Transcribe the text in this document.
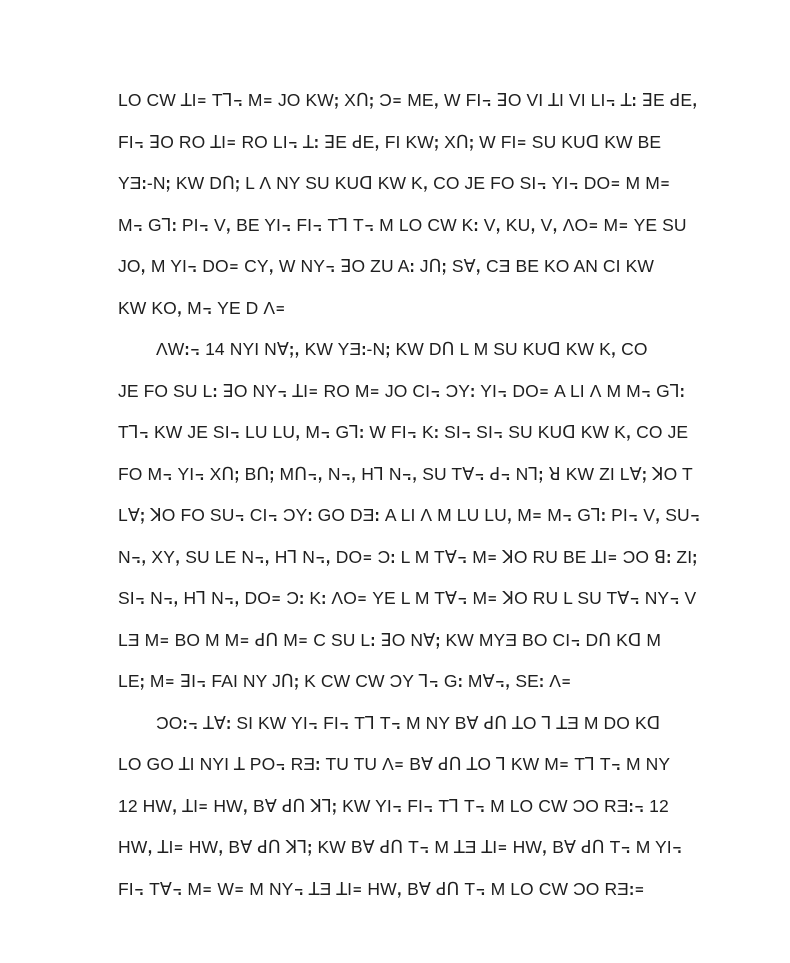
LO CW ꓕI꓿ Tꓶ꓾ M꓿ JO KWꓼ Xꓵꓼ Ɔ꓿ MEꓹ W FI꓾ ꓱO VI ꓕI VI LI꓾ ꓕꓽ ꓱE ꓒEꓹ
FI꓾ ꓱO RO ꓕI꓿ RO LI꓾ ꓕꓽ ꓱE ꓒEꓹ FI KWꓼ Xꓵꓼ W FI꓿ SU KUꓷ KW BE
YƎꓽ-Nꓼ KW Dꓵꓼ L Ʌ NY SU KUꓷ KW Kꓹ CO JE FO SI꓾ YI꓾ DO꓿ M M꓿
M꓾ Gꓶꓽ PI꓾ Vꓹ BE YI꓾ FI꓾ Tꓶ T꓾ M LO CW Kꓽ Vꓹ KUꓹ Vꓹ ɅO꓿ M꓿ YE SU
JOꓹ M YI꓾ DO꓿ CYꓹ W NY꓾ ꓱO ZU Aꓽ Jꓵꓼ Sꓯꓹ CƎ BE KO AN CI KW
KW KOꓹ M꓾ YE D Ʌ꓿

ɅWꓽ꓾ 14 NYI Nꓯꓼꓹ KW YƎꓽ-Nꓼ KW Dꓵ L M SU KUꓷ KW Kꓹ CO
JE FO SU Lꓽ ꓱO NY꓾ ꓕI꓿ RO M꓿ JO CI꓾ ƆYꓽ YI꓾ DO꓿ A LI Ʌ M M꓾ Gꓶꓽ
Tꓶ꓾ KW JE SI꓾ LU LUꓹ M꓾ Gꓶꓽ W FI꓾ Kꓽ SI꓾ SI꓾ SU KUꓷ KW Kꓹ CO JE
FO M꓾ YI꓾ Xꓵꓼ Bꓵꓼ Mꓵ꓾ꓹ N꓾ꓹ Hꓶ N꓾ꓹ SU Tꓯ꓾ ꓒ꓾ Nꓶꓼ ꓤ KW ZI Lꓯꓼ ꓘO T
Lꓯꓼ ꓘO FO SU꓾ CI꓾ ƆYꓽ GO DƎꓽ A LI Ʌ M LU LUꓹ M꓿ M꓾ Gꓶꓽ PI꓾ Vꓹ SU꓾
N꓾ꓹ XYꓹ SU LE N꓾ꓹ Hꓶ N꓾ꓹ DO꓿ Ɔꓽ L M Tꓯ꓾ M꓿ ꓘO RU BE ꓕI꓿ ƆO ꓭꓽ ZIꓼ
SI꓾ N꓾ꓹ Hꓶ N꓾ꓹ DO꓿ Ɔꓽ Kꓽ ɅO꓿ YE L M Tꓯ꓾ M꓿ ꓘO RU L SU Tꓯ꓾ NY꓾ V
LƎ M꓿ BO M M꓿ ꓒꓵ M꓿ C SU Lꓽ ꓱO Nꓯꓼ KW MYƎ BO CI꓾ Dꓵ Kꓷ M
LEꓼ M꓿ ꓱI꓾ FAI NY Jꓵꓼ K CW CW ƆY ꓶ꓾ Gꓽ Mꓯ꓾ꓹ SEꓽ Ʌ꓿

ƆOꓽ꓾ ꓕꓯꓽ SI KW YI꓾ FI꓾ Tꓶ T꓾ M NY Bꓯ ꓒꓵ ꓕO ꓶ ꓕƎ M DO Kꓷ
LO GO ꓕI NYI ꓕ PO꓾ RƎꓽ TU TU Ʌ꓿ Bꓯ ꓒꓵ ꓕO ꓶ KW M꓿ Tꓶ T꓾ M NY
12 HWꓹ ꓕI꓿ HWꓹ Bꓯ ꓒꓵ ꓘꓶꓼ KW YI꓾ FI꓾ Tꓶ T꓾ M LO CW ƆO RƎꓽ꓾ 12
HWꓹ ꓕI꓿ HWꓹ Bꓯ ꓒꓵ ꓘꓶꓼ KW Bꓯ ꓒꓵ T꓾ M ꓕƎ ꓕI꓿ HWꓹ Bꓯ ꓒꓵ T꓾ M YI꓾
FI꓾ Tꓯ꓾ M꓿ W꓿ M NY꓾ ꓕƎ ꓕI꓿ HWꓹ Bꓯ ꓒꓵ T꓾ M LO CW ƆO RƎꓽ꓿
